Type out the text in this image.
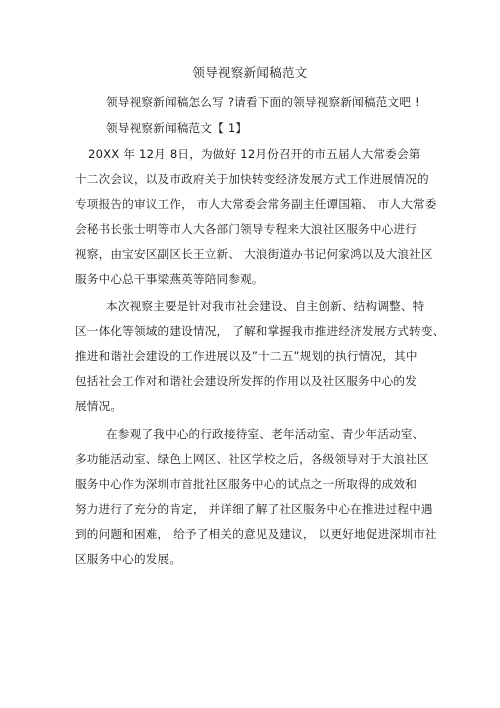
领导视察新闻稿范文
领导视察新闻稿怎么写 ?请看下面的领导视察新闻稿范文吧 !
领导视察新闻稿范文【 1】
20XX 年 12月 8日，为做好 12月份召开的市五届人大常委会第
十二次会议，以及市政府关于加快转变经济发展方式工作进展情况的
专项报告的审议工作， 市人大常委会常务副主任谭国箱、 市人大常委
会秘书长张士明等市人大各部门领导专程来大浪社区服务中心进行
视察，由宝安区副区长王立新、 大浪街道办书记何家鸿以及大浪社区
服务中心总干事梁燕英等陪同参观。
本次视察主要是针对我市社会建设、自主创新、结构调整、特
区一体化等领域的建设情况， 了解和掌握我市推进经济发展方式转变、
推进和谐社会建设的工作进展以及”十二五”规划的执行情况，其中
包括社会工作对和谐社会建设所发挥的作用以及社区服务中心的发
展情况。
在参观了我中心的行政接待室、老年活动室、青少年活动室、
多功能活动室、绿色上网区、社区学校之后，各级领导对于大浪社区
服务中心作为深圳市首批社区服务中心的试点之一所取得的成效和
努力进行了充分的肯定， 并详细了解了社区服务中心在推进过程中遇
到的问题和困难， 给予了相关的意见及建议， 以更好地促进深圳市社
区服务中心的发展。
